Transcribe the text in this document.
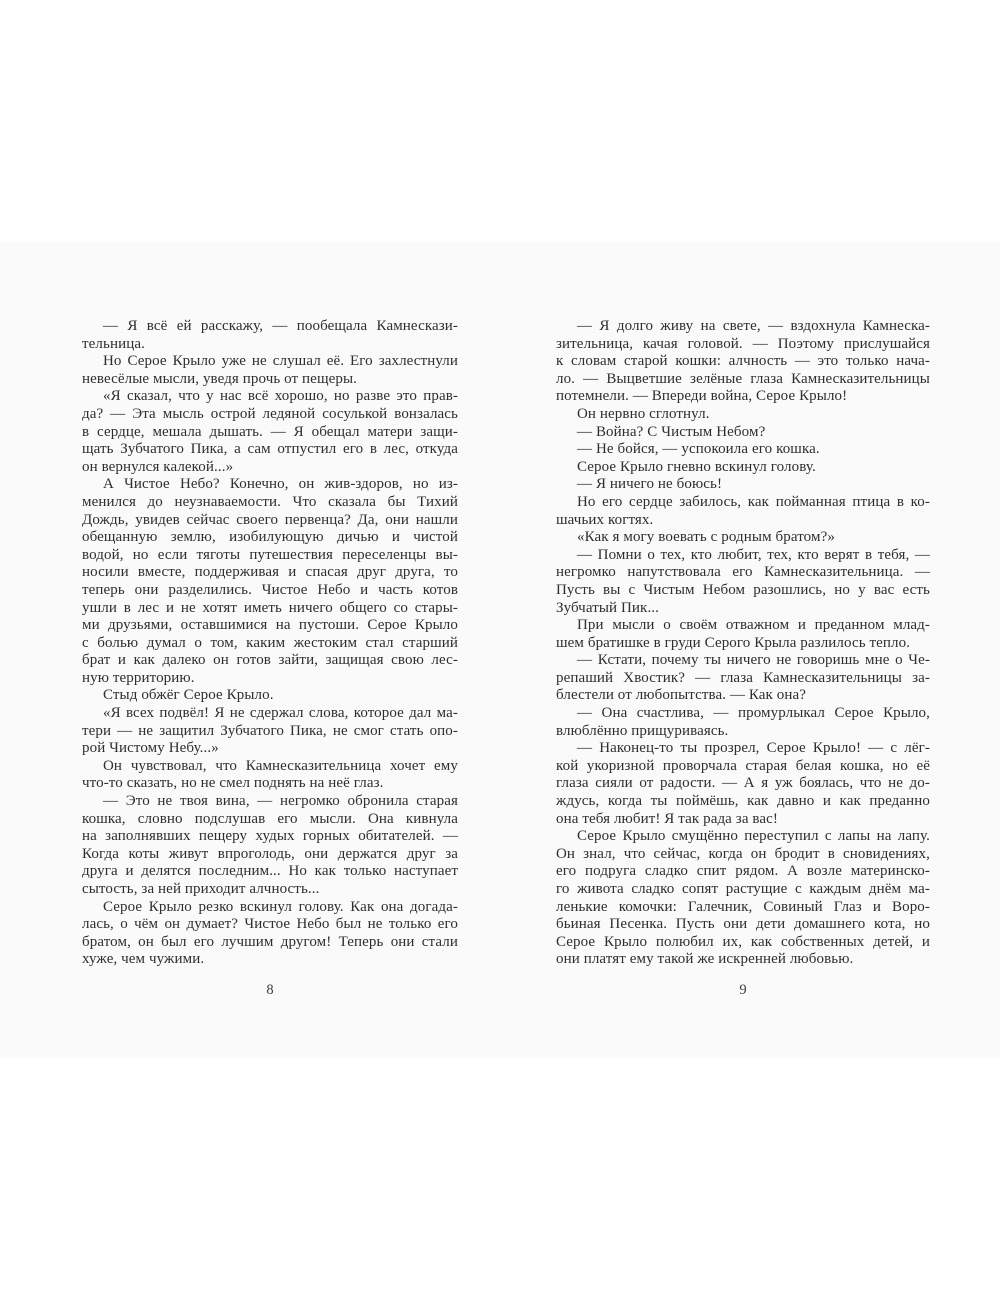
— Я всё ей расскажу, — пообещала Камнескази-
тельница.
Но Серое Крыло уже не слушал её. Его захлестнули
невесёлые мысли, уведя прочь от пещеры.
«Я сказал, что у нас всё хорошо, но разве это прав-
да? — Эта мысль острой ледяной сосулькой вонзалась
в сердце, мешала дышать. — Я обещал матери защи-
щать Зубчатого Пика, а сам отпустил его в лес, откуда
он вернулся калекой...»
А Чистое Небо? Конечно, он жив-здоров, но из-
менился до неузнаваемости. Что сказала бы Тихий
Дождь, увидев сейчас своего первенца? Да, они нашли
обещанную землю, изобилующую дичью и чистой
водой, но если тяготы путешествия переселенцы вы-
носили вместе, поддерживая и спасая друг друга, то
теперь они разделились. Чистое Небо и часть котов
ушли в лес и не хотят иметь ничего общего со стары-
ми друзьями, оставшимися на пустоши. Серое Крыло
с болью думал о том, каким жестоким стал старший
брат и как далеко он готов зайти, защищая свою лес-
ную территорию.
Стыд обжёг Серое Крыло.
«Я всех подвёл! Я не сдержал слова, которое дал ма-
тери — не защитил Зубчатого Пика, не смог стать опо-
рой Чистому Небу...»
Он чувствовал, что Камнесказительница хочет ему
что-то сказать, но не смел поднять на неё глаз.
— Это не твоя вина, — негромко обронила старая
кошка, словно подслушав его мысли. Она кивнула
на заполнявших пещеру худых горных обитателей. —
Когда коты живут впроголодь, они держатся друг за
друга и делятся последним... Но как только наступает
сытость, за ней приходит алчность...
Серое Крыло резко вскинул голову. Как она догада-
лась, о чём он думает? Чистое Небо был не только его
братом, он был его лучшим другом! Теперь они стали
хуже, чем чужими.
8
— Я долго живу на свете, — вздохнула Камнеска-
зительница, качая головой. — Поэтому прислушайся
к словам старой кошки: алчность — это только нача-
ло. — Выцветшие зелёные глаза Камнесказительницы
потемнели. — Впереди война, Серое Крыло!
Он нервно сглотнул.
— Война? С Чистым Небом?
— Не бойся, — успокоила его кошка.
Серое Крыло гневно вскинул голову.
— Я ничего не боюсь!
Но его сердце забилось, как пойманная птица в ко-
шачьих когтях.
«Как я могу воевать с родным братом?»
— Помни о тех, кто любит, тех, кто верят в тебя, —
негромко напутствовала его Камнесказительница. —
Пусть вы с Чистым Небом разошлись, но у вас есть
Зубчатый Пик...
При мысли о своём отважном и преданном млад-
шем братишке в груди Серого Крыла разлилось тепло.
— Кстати, почему ты ничего не говоришь мне о Че-
репаший Хвостик? — глаза Камнесказительницы за-
блестели от любопытства. — Как она?
— Она счастлива, — промурлыкал Серое Крыло,
влюблённо прищуриваясь.
— Наконец-то ты прозрел, Серое Крыло! — с лёг-
кой укоризной проворчала старая белая кошка, но её
глаза сияли от радости. — А я уж боялась, что не до-
ждусь, когда ты поймёшь, как давно и как преданно
она тебя любит! Я так рада за вас!
Серое Крыло смущённо переступил с лапы на лапу.
Он знал, что сейчас, когда он бродит в сновидениях,
его подруга сладко спит рядом. А возле материнско-
го живота сладко сопят растущие с каждым днём ма-
ленькие комочки: Галечник, Совиный Глаз и Воро-
бьиная Песенка. Пусть они дети домашнего кота, но
Серое Крыло полюбил их, как собственных детей, и
они платят ему такой же искренней любовью.
9
